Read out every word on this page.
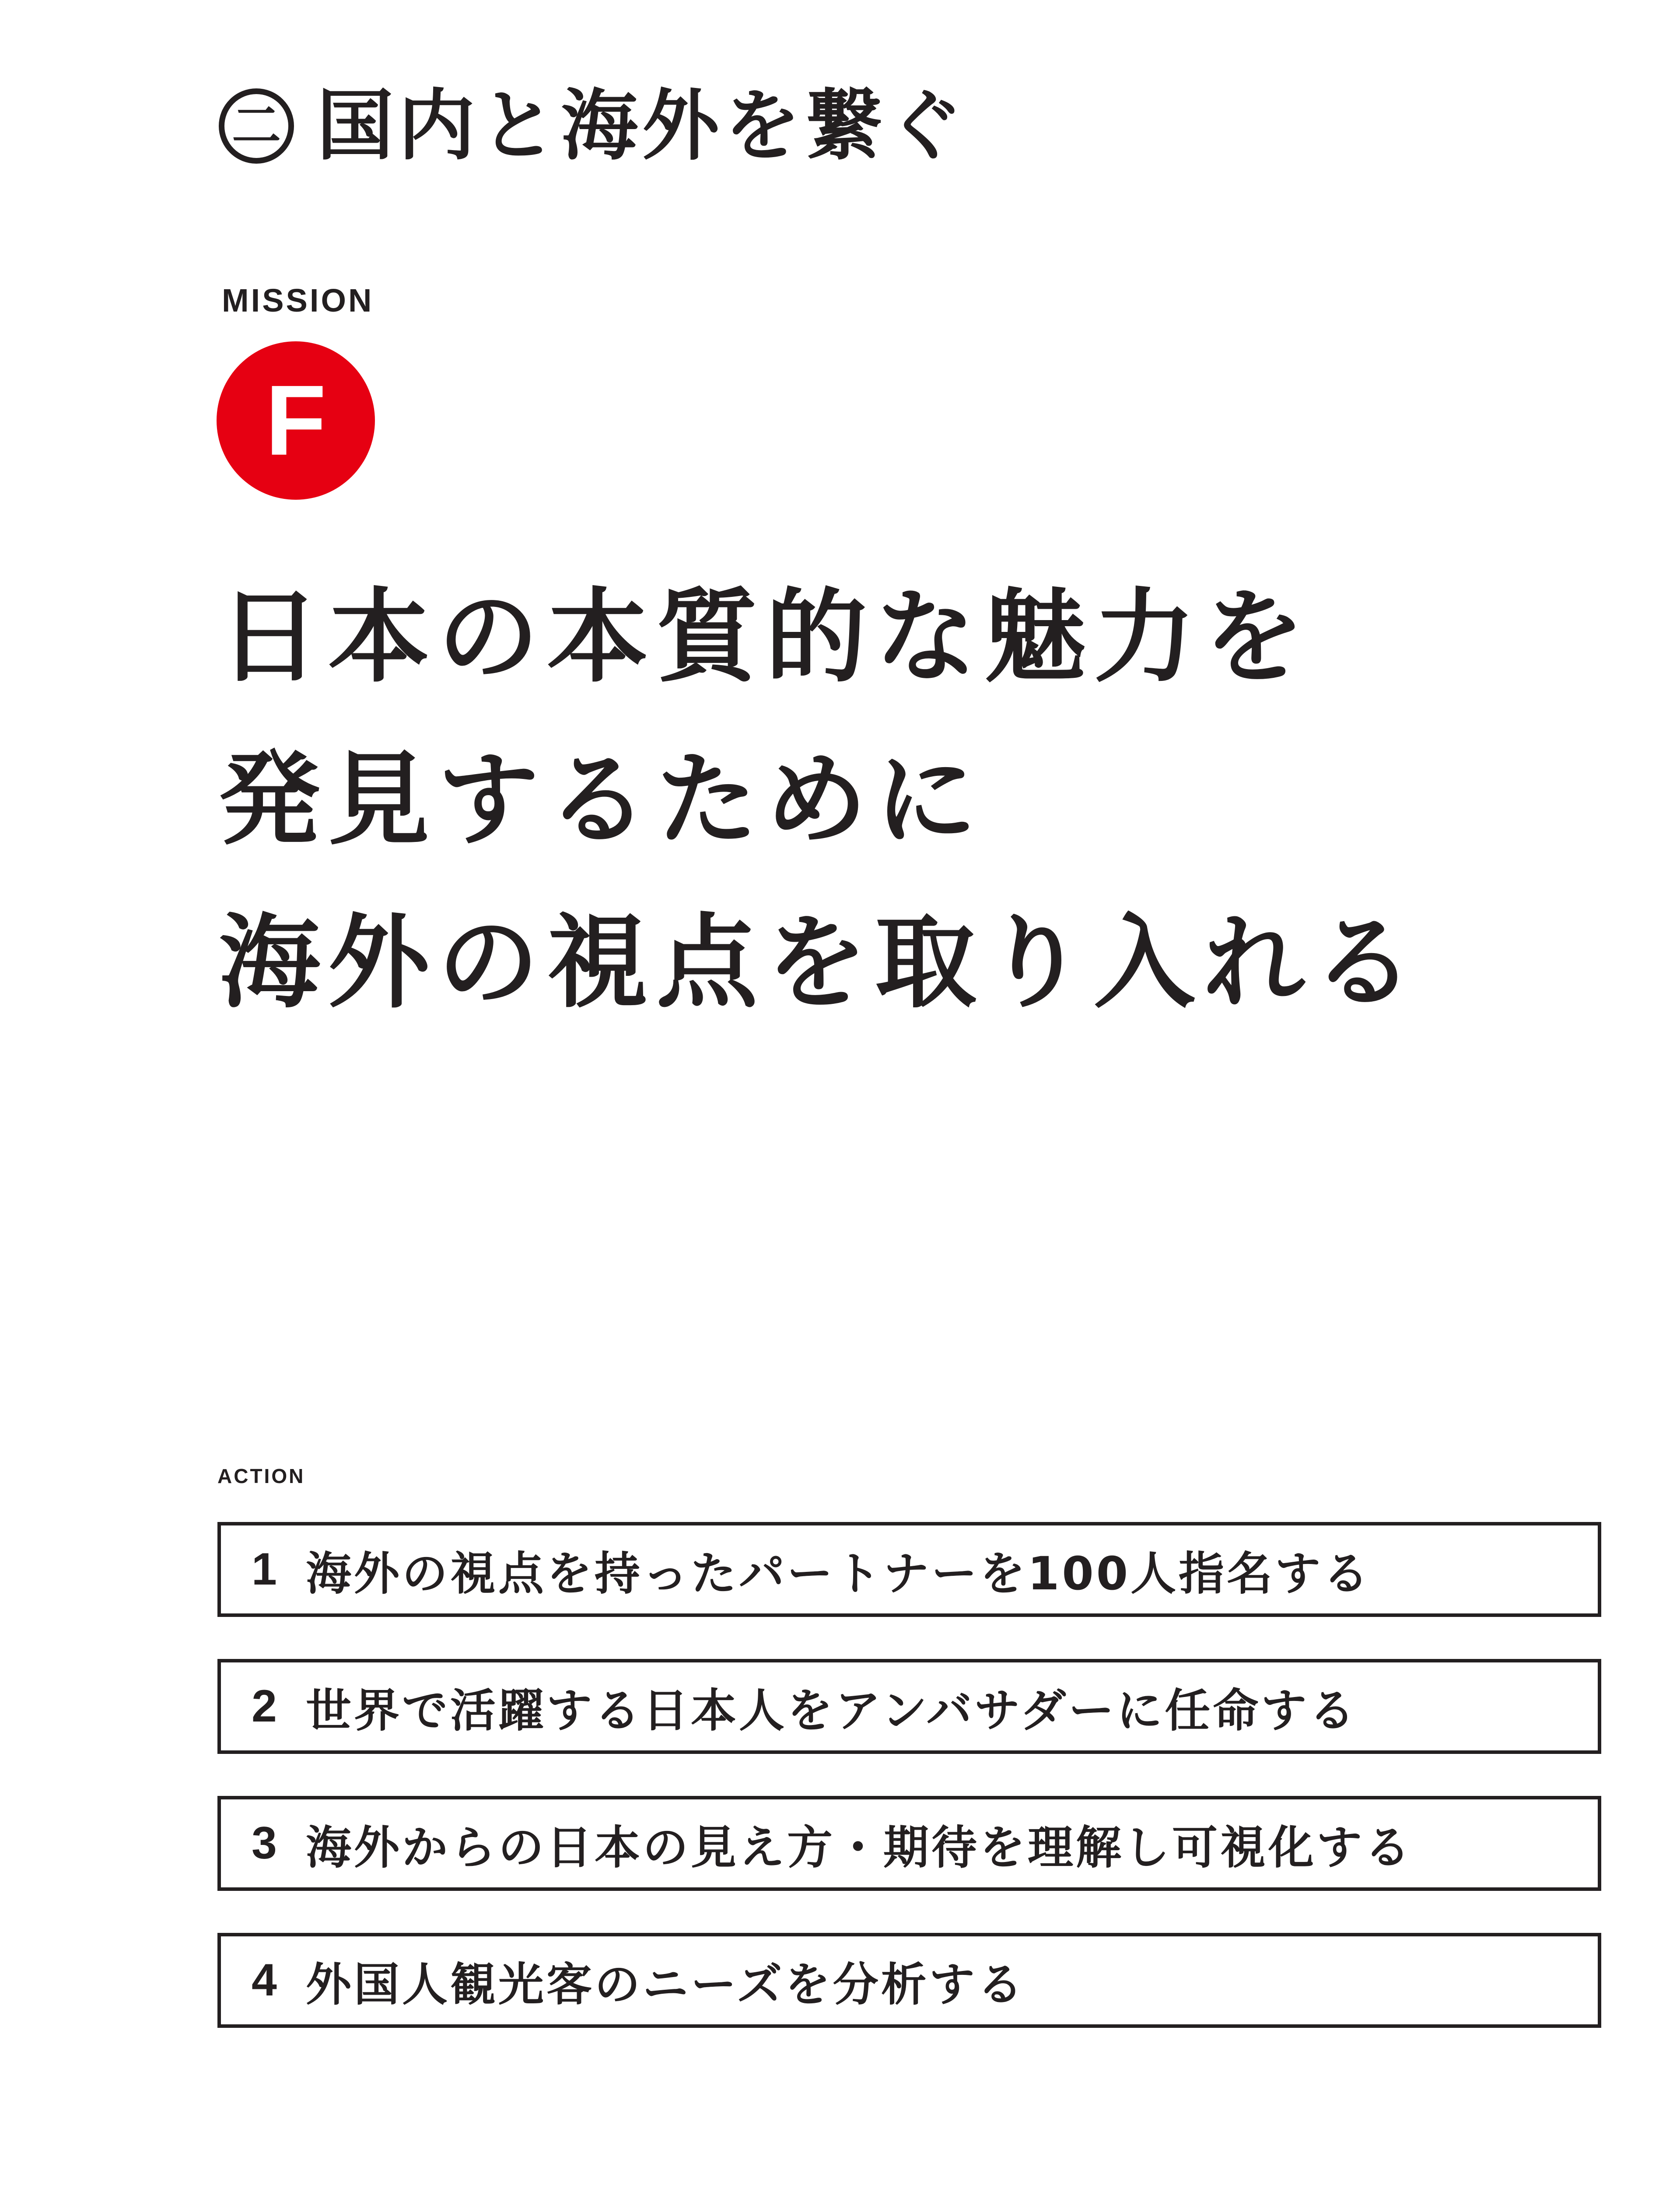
二 国内と海外を繋ぐ
MISSION
F
日本の本質的な魅力を
発見するために
海外の視点を取り入れる
ACTION
1 海外の視点を持ったパートナーを100人指名する
2 世界で活躍する日本人をアンバサダーに任命する
3 海外からの日本の見え方・期待を理解し可視化する
4 外国人観光客のニーズを分析する
